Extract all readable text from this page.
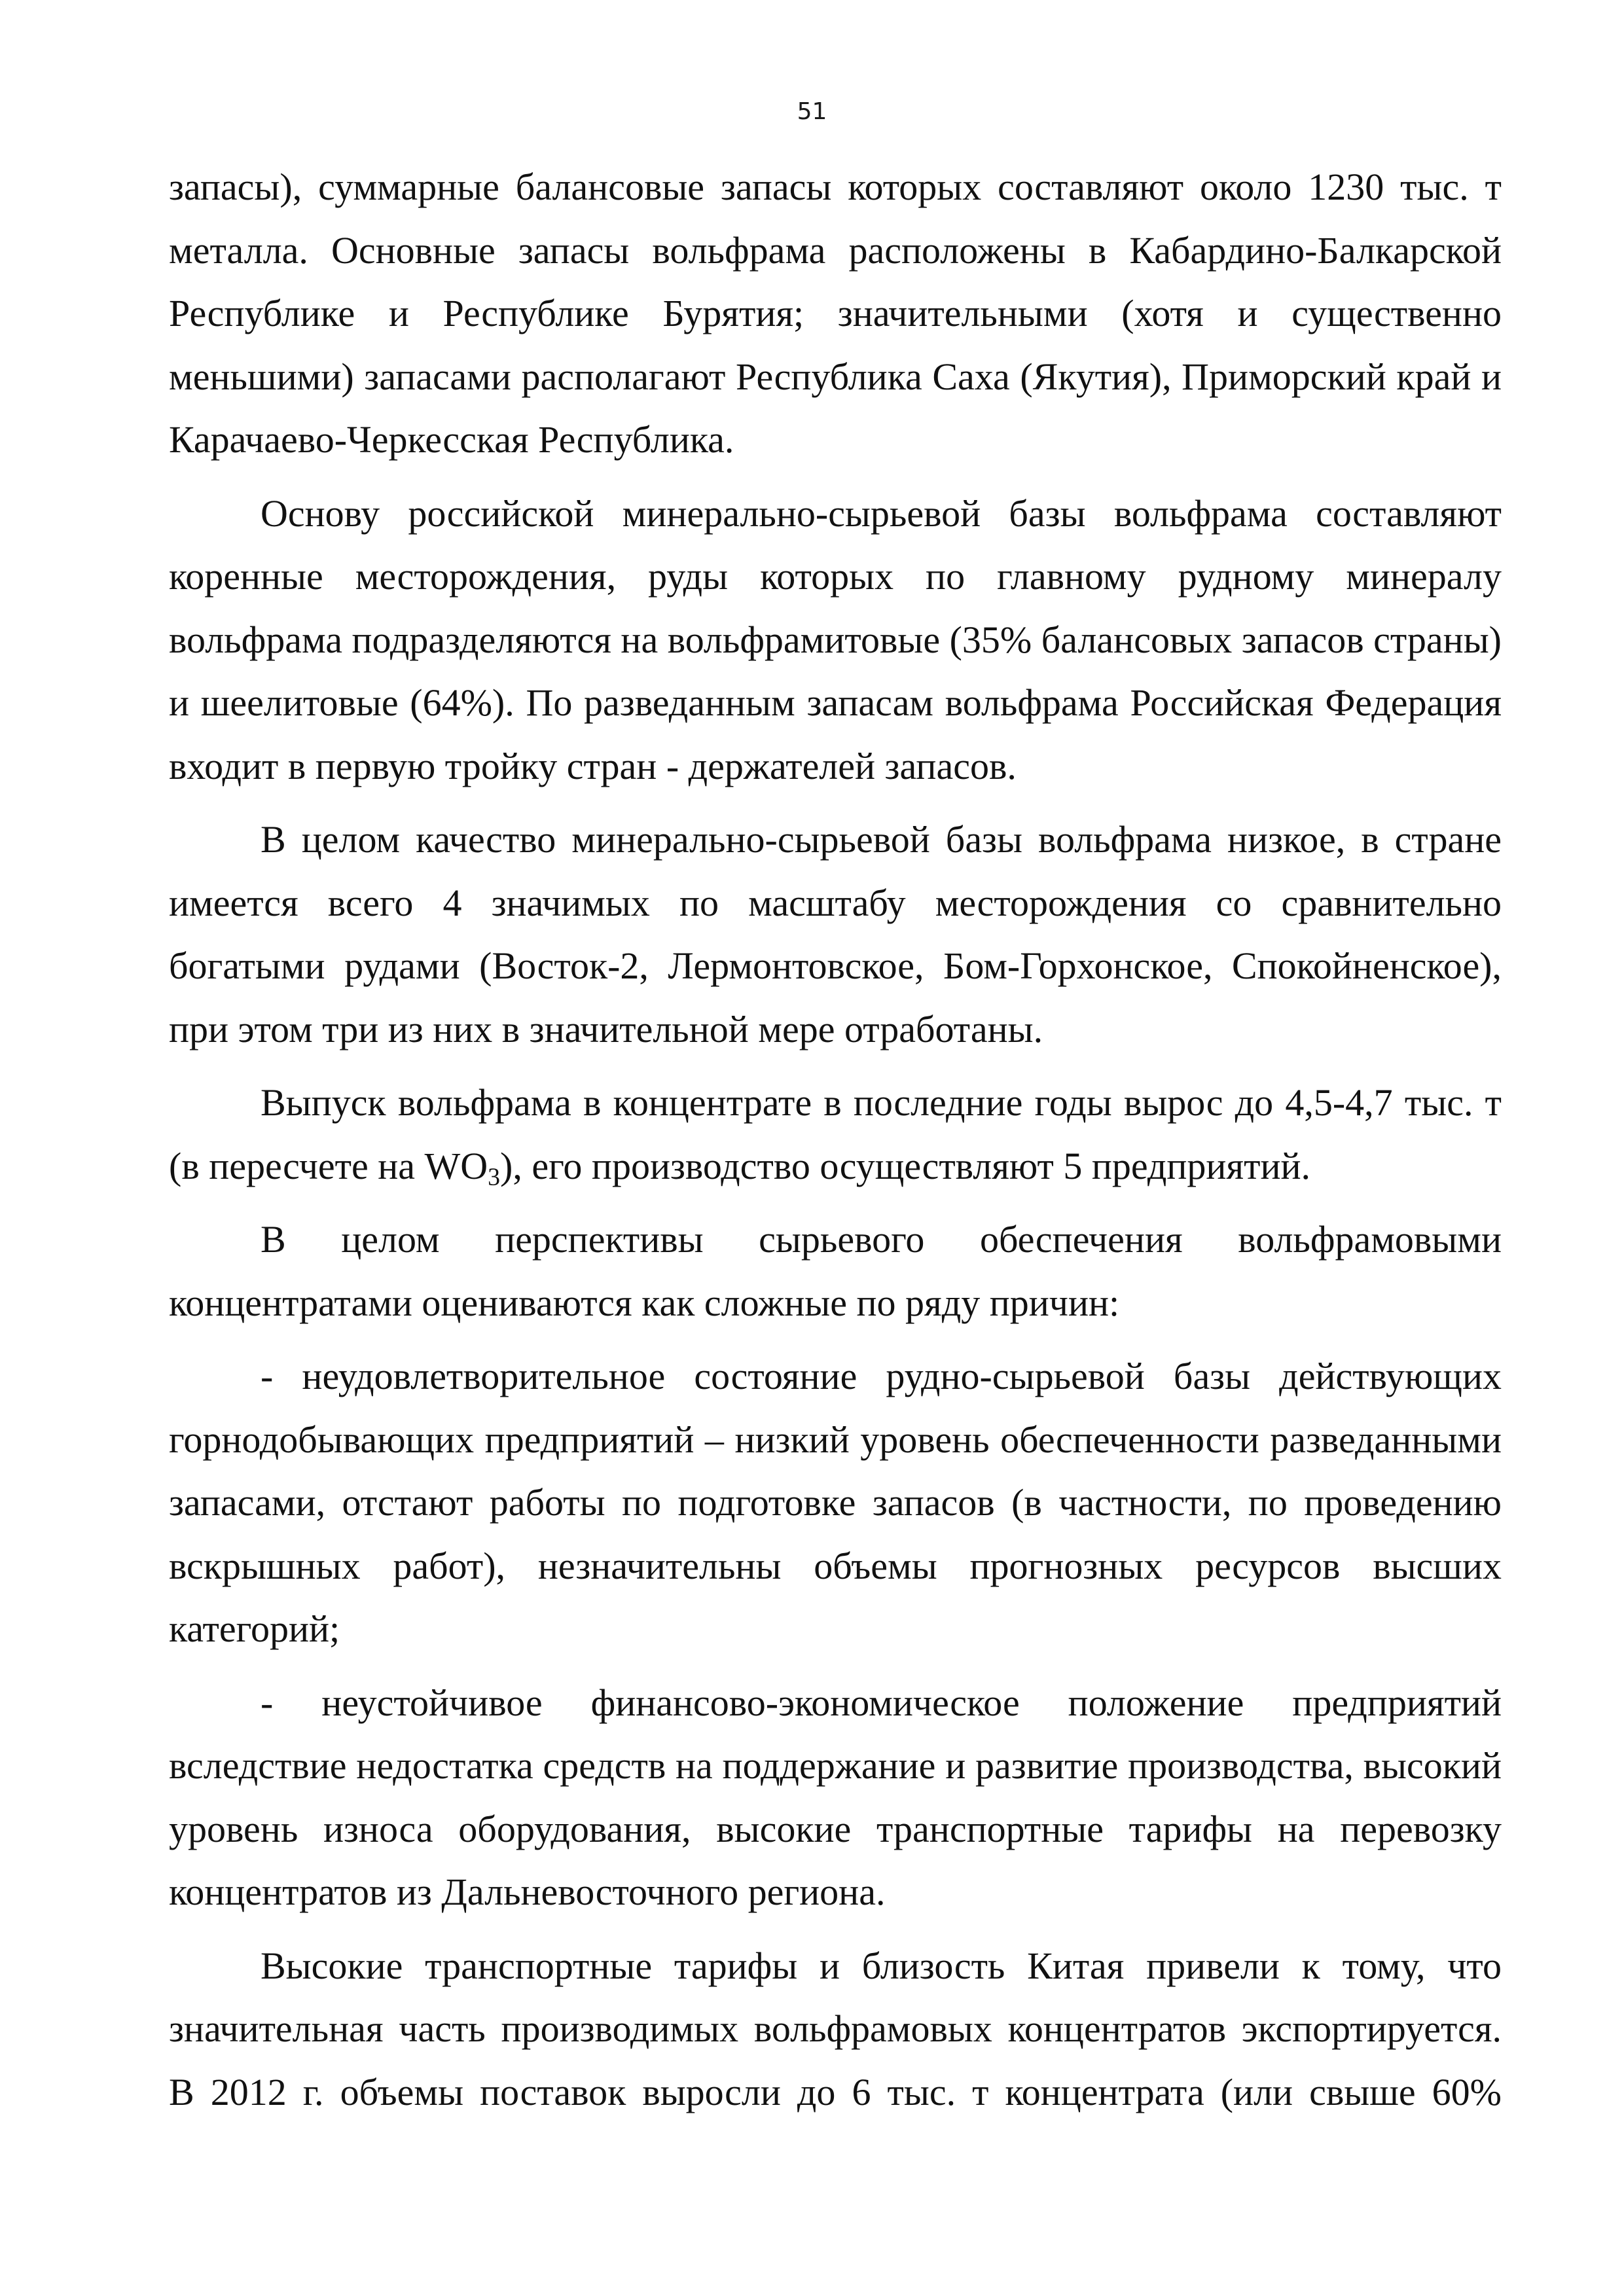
51

запасы), суммарные балансовые запасы которых составляют около 1230 тыс. т металла. Основные запасы вольфрама расположены в Кабардино-Балкарской Республике и Республике Бурятия; значительными (хотя и существенно меньшими) запасами располагают Республика Саха (Якутия), Приморский край и Карачаево-Черкесская Республика.

Основу российской минерально-сырьевой базы вольфрама составляют коренные месторождения, руды которых по главному рудному минералу вольфрама подразделяются на вольфрамитовые (35% балансовых запасов страны) и шеелитовые (64%). По разведанным запасам вольфрама Российская Федерация входит в первую тройку стран - держателей запасов.

В целом качество минерально-сырьевой базы вольфрама низкое, в стране имеется всего 4 значимых по масштабу месторождения со сравнительно богатыми рудами (Восток-2, Лермонтовское, Бом-Горхонское, Спокойненское), при этом три из них в значительной мере отработаны.

Выпуск вольфрама в концентрате в последние годы вырос до 4,5-4,7 тыс. т (в пересчете на $WO_3$), его производство осуществляют 5 предприятий.

В целом перспективы сырьевого обеспечения вольфрамовыми

концентратами оцениваются как сложные по ряду причин:

- неудовлетворительное состояние рудно-сырьевой базы действующих горнодобывающих предприятий – низкий уровень обеспеченности разведанными запасами, отстают работы по подготовке запасов (в частности, по проведению вскрышных работ), незначительны объемы прогнозных ресурсов высших категорий;

- неустойчивое финансово-экономическое положение предприятий вследствие недостатка средств на поддержание и развитие производства, высокий уровень износа оборудования, высокие транспортные тарифы на перевозку концентратов из Дальневосточного региона.

Высокие транспортные тарифы и близость Китая привели к тому, что значительная часть производимых вольфрамовых концентратов экспортируется. В 2012 г. объемы поставок выросли до 6 тыс. т концентрата (или свыше 60%
